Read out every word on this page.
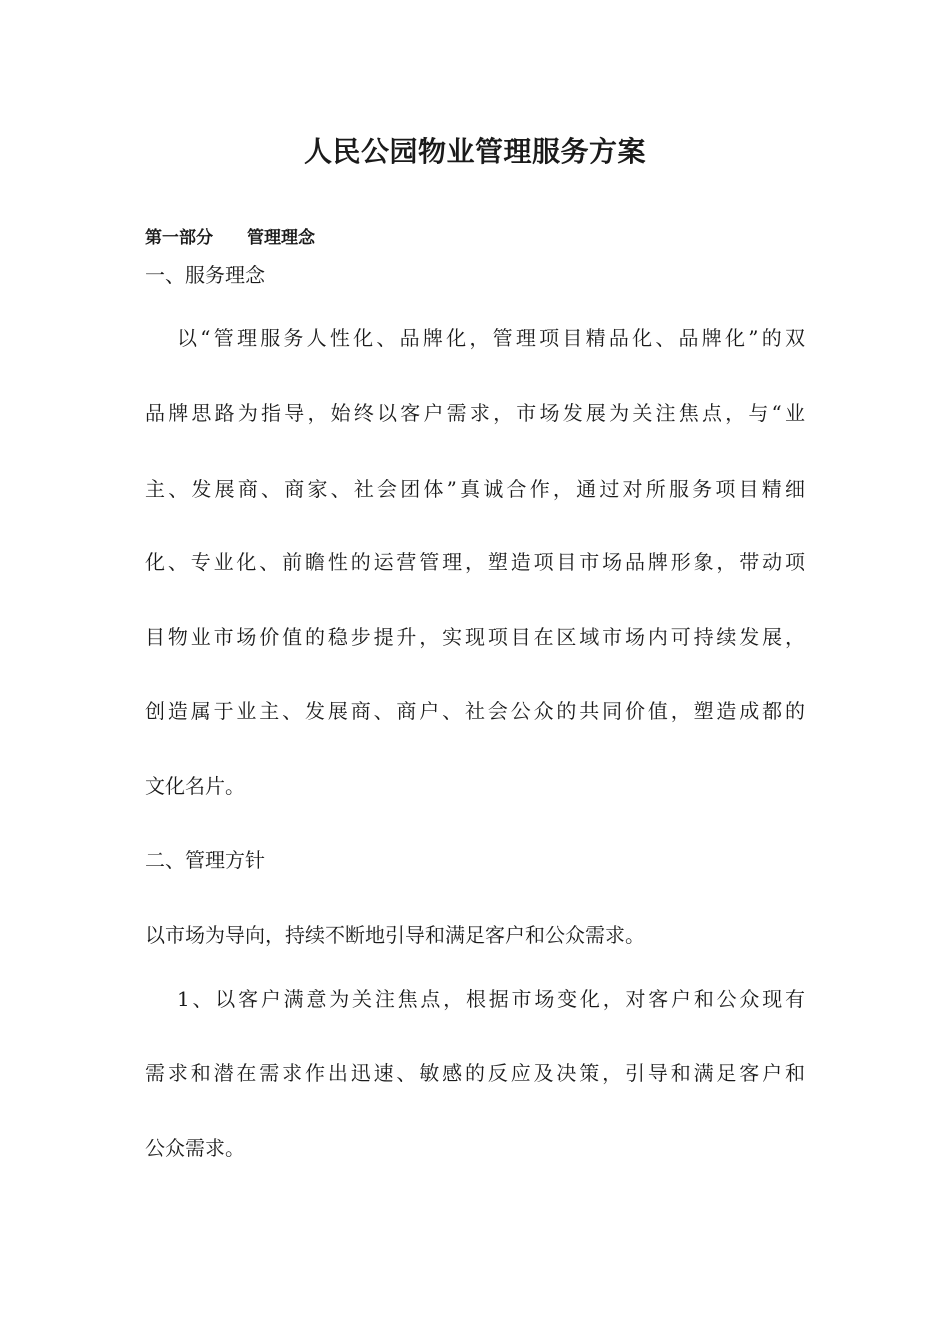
人民公园物业管理服务方案
第一部分　　管理理念
一、服务理念
以“管理服务人性化、品牌化，管理项目精品化、品牌化”的双
品牌思路为指导，始终以客户需求，市场发展为关注焦点，与“业
主、发展商、商家、社会团体”真诚合作，通过对所服务项目精细
化、专业化、前瞻性的运营管理，塑造项目市场品牌形象，带动项
目物业市场价值的稳步提升，实现项目在区域市场内可持续发展，
创造属于业主、发展商、商户、社会公众的共同价值，塑造成都的
文化名片。
二、管理方针
以市场为导向，持续不断地引导和满足客户和公众需求。
1、以客户满意为关注焦点，根据市场变化，对客户和公众现有
需求和潜在需求作出迅速、敏感的反应及决策，引导和满足客户和
公众需求。
